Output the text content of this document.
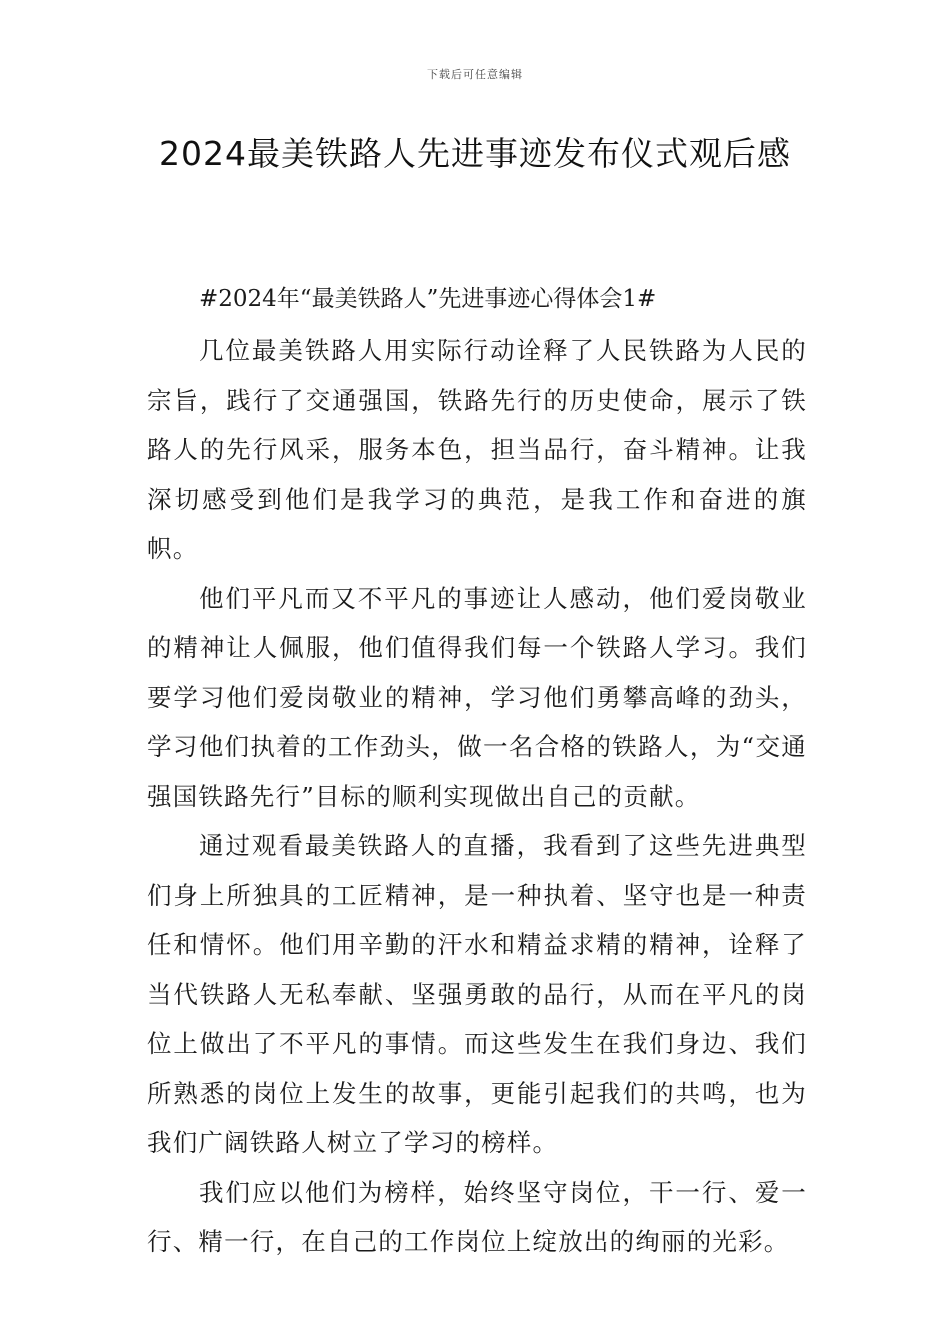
下载后可任意编辑
2024最美铁路人先进事迹发布仪式观后感

#2024年“最美铁路人”先进事迹心得体会1#

几位最美铁路人用实际行动诠释了人民铁路为人民的宗旨，践行了交通强国，铁路先行的历史使命，展示了铁路人的先行风采，服务本色，担当品行，奋斗精神。让我深切感受到他们是我学习的典范，是我工作和奋进的旗帜。

他们平凡而又不平凡的事迹让人感动，他们爱岗敬业的精神让人佩服，他们值得我们每一个铁路人学习。我们要学习他们爱岗敬业的精神，学习他们勇攀高峰的劲头，学习他们执着的工作劲头，做一名合格的铁路人，为“交通强国铁路先行”目标的顺利实现做出自己的贡献。

通过观看最美铁路人的直播，我看到了这些先进典型们身上所独具的工匠精神，是一种执着、坚守也是一种责任和情怀。他们用辛勤的汗水和精益求精的精神，诠释了当代铁路人无私奉献、坚强勇敢的品行，从而在平凡的岗位上做出了不平凡的事情。而这些发生在我们身边、我们所熟悉的岗位上发生的故事，更能引起我们的共鸣，也为我们广阔铁路人树立了学习的榜样。

我们应以他们为榜样，始终坚守岗位，干一行、爱一行、精一行，在自己的工作岗位上绽放出的绚丽的光彩。
